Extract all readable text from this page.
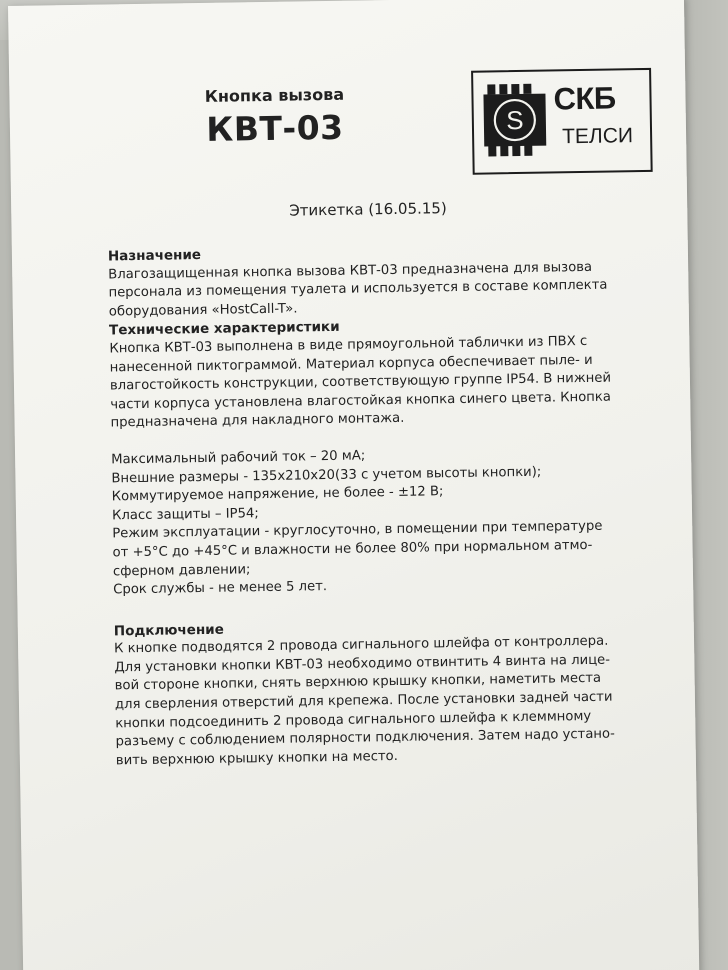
Кнопка вызова
КВТ-03	S
СКБ
ТЕЛСИ
Этикетка (16.05.15)
Назначение

Влагозащищенная кнопка вызова КВТ-03 предназначена для вызова
персонала из помещения туалета и используется в составе комплекта
оборудования «HostCall-T».

Технические характеристики

Кнопка КВТ-03 выполнена в виде прямоугольной таблички из ПВХ с
нанесенной пиктограммой. Материал корпуса обеспечивает пыле- и
влагостойкость конструкции, соответствующую группе IP54. В нижней
части корпуса установлена влагостойкая кнопка синего цвета. Кнопка
предназначена для накладного монтажа.

Максимальный рабочий ток – 20 мА;
Внешние размеры - 135х210х20(33 с учетом высоты кнопки);
Коммутируемое напряжение, не более - ±12 В;
Класс защиты – IP54;
Режим эксплуатации - круглосуточно, в помещении при температуре
от +5°С до +45°С и влажности не более 80% при нормальном атмо-
сферном давлении;
Срок службы - не менее 5 лет.

Подключение

К кнопке подводятся 2 провода сигнального шлейфа от контроллера.
Для установки кнопки КВТ-03 необходимо отвинтить 4 винта на лице-
вой стороне кнопки, снять верхнюю крышку кнопки, наметить места
для сверления отверстий для крепежа. После установки задней части
кнопки подсоединить 2 провода сигнального шлейфа к клеммному
разъему с соблюдением полярности подключения. Затем надо устано-
вить верхнюю крышку кнопки на место.
